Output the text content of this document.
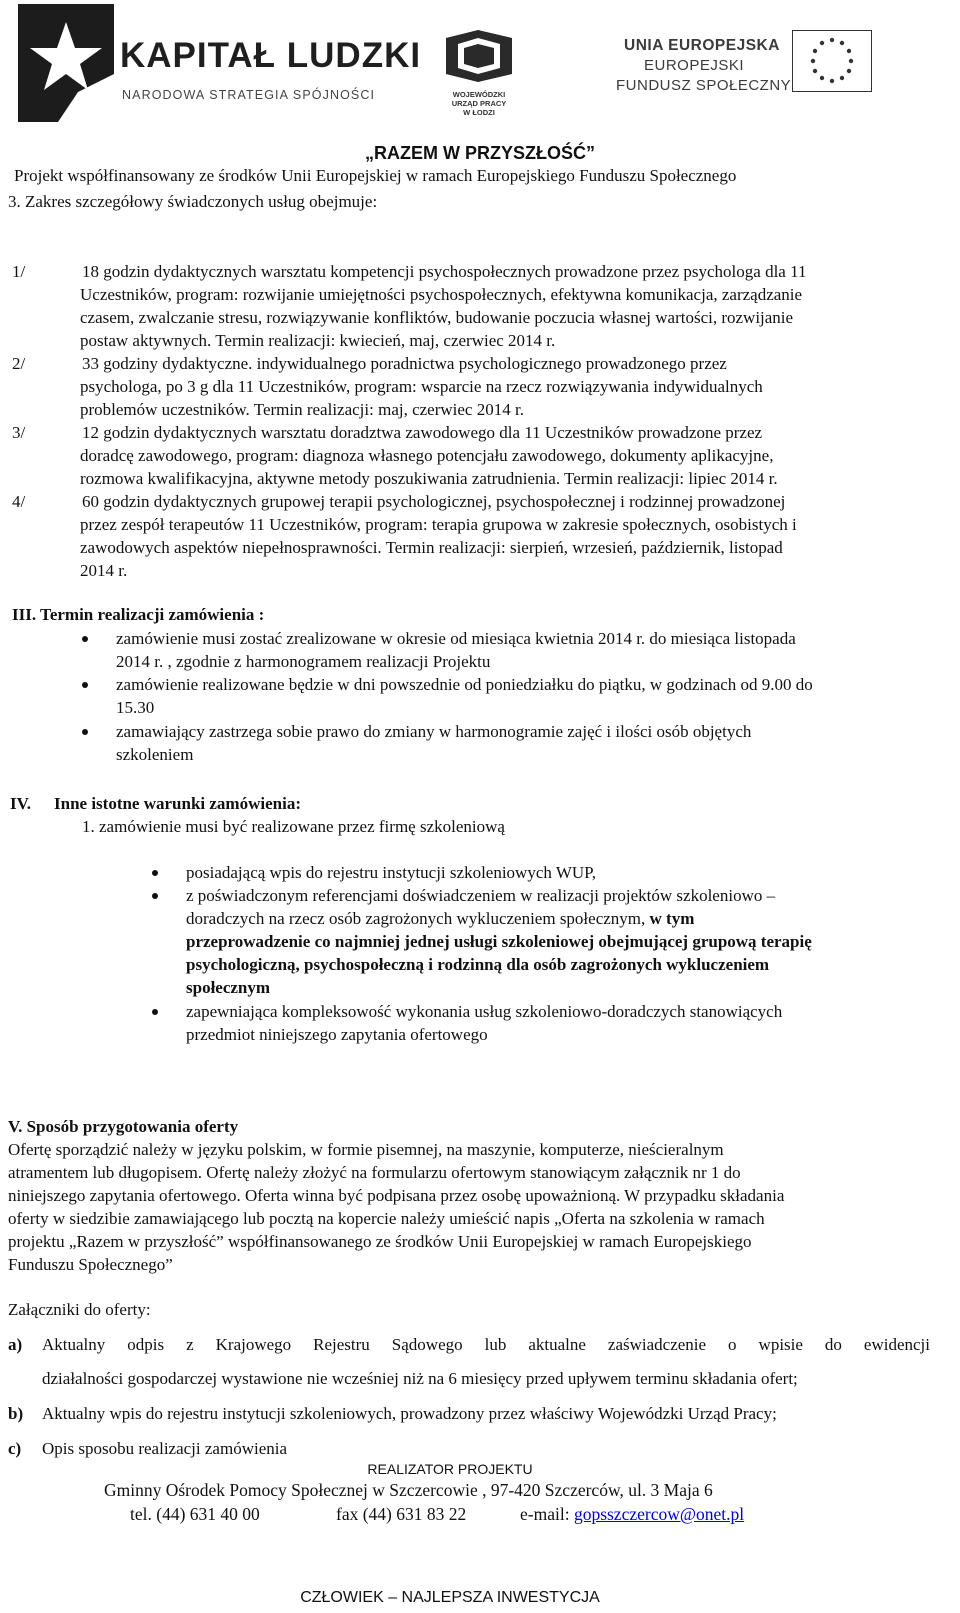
KAPITAŁ LUDZKI
NARODOWA STRATEGIA SPÓJNOŚCI	WOJEWÓDZKI
URZĄD PRACY
W ŁODZI
UNIA EUROPEJSKA
EUROPEJSKI
FUNDUSZ SPOŁECZNY
„RAZEM W PRZYSZŁOŚĆ”
Projekt współfinansowany ze środków Unii Europejskiej w ramach Europejskiego Funduszu Społecznego
3. Zakres szczegółowy świadczonych usług obejmuje:
1/	18 godzin dydaktycznych warsztatu kompetencji psychospołecznych prowadzone przez psychologa dla 11
Uczestników, program: rozwijanie umiejętności psychospołecznych, efektywna komunikacja, zarządzanie
czasem, zwalczanie stresu, rozwiązywanie konfliktów, budowanie poczucia własnej wartości, rozwijanie
postaw aktywnych. Termin realizacji: kwiecień, maj, czerwiec 2014 r.
2/	33 godziny dydaktyczne. indywidualnego poradnictwa psychologicznego prowadzonego przez
psychologa, po 3 g dla 11 Uczestników, program: wsparcie na rzecz rozwiązywania indywidualnych
problemów uczestników. Termin realizacji: maj, czerwiec 2014 r.
3/	12 godzin dydaktycznych warsztatu doradztwa zawodowego dla 11 Uczestników prowadzone przez
doradcę zawodowego, program: diagnoza własnego potencjału zawodowego, dokumenty aplikacyjne,
rozmowa kwalifikacyjna, aktywne metody poszukiwania zatrudnienia. Termin realizacji: lipiec 2014 r.
4/	60 godzin dydaktycznych grupowej terapii psychologicznej, psychospołecznej i rodzinnej prowadzonej
przez zespół terapeutów 11 Uczestników, program: terapia grupowa w zakresie społecznych, osobistych i
zawodowych aspektów niepełnosprawności. Termin realizacji: sierpień, wrzesień, październik, listopad
2014 r.
III. Termin realizacji zamówienia :
zamówienie musi zostać zrealizowane w okresie od miesiąca kwietnia 2014 r. do miesiąca listopada
2014 r. , zgodnie z harmonogramem realizacji Projektu
zamówienie realizowane będzie w dni powszednie od poniedziałku do piątku, w godzinach od 9.00 do
15.30
zamawiający zastrzega sobie prawo do zmiany w harmonogramie zajęć i ilości osób objętych
szkoleniem
IV. Inne istotne warunki zamówienia:
1. zamówienie musi być realizowane przez firmę szkoleniową
posiadającą wpis do rejestru instytucji szkoleniowych WUP,
z poświadczonym referencjami doświadczeniem w realizacji projektów szkoleniowo –
doradczych na rzecz osób zagrożonych wykluczeniem społecznym, w tym
przeprowadzenie co najmniej jednej usługi szkoleniowej obejmującej grupową terapię
psychologiczną, psychospołeczną i rodzinną dla osób zagrożonych wykluczeniem
społecznym
zapewniająca kompleksowość wykonania usług szkoleniowo-doradczych stanowiących
przedmiot niniejszego zapytania ofertowego
V. Sposób przygotowania oferty
Ofertę sporządzić należy w języku polskim, w formie pisemnej, na maszynie, komputerze, nieścieralnym
atramentem lub długopisem. Ofertę należy złożyć na formularzu ofertowym stanowiącym załącznik nr 1 do
niniejszego zapytania ofertowego. Oferta winna być podpisana przez osobę upoważnioną. W przypadku składania
oferty w siedzibie zamawiającego lub pocztą na kopercie należy umieścić napis „Oferta na szkolenia w ramach
projektu „Razem w przyszłość” współfinansowanego ze środków Unii Europejskiej w ramach Europejskiego
Funduszu Społecznego”
Załączniki do oferty:
a) Aktualny odpis z Krajowego Rejestru Sądowego lub aktualne zaświadczenie o wpisie do ewidencji
działalności gospodarczej wystawione nie wcześniej niż na 6 miesięcy przed upływem terminu składania ofert;
b) Aktualny wpis do rejestru instytucji szkoleniowych, prowadzony przez właściwy Wojewódzki Urząd Pracy;
c) Opis sposobu realizacji zamówienia
REALIZATOR PROJEKTU
Gminny Ośrodek Pomocy Społecznej w Szczercowie , 97-420 Szczerców, ul. 3 Maja 6
tel. (44) 631 40 00	fax (44) 631 83 22	e-mail: gopsszczercow@onet.pl
CZŁOWIEK – NAJLEPSZA INWESTYCJA
